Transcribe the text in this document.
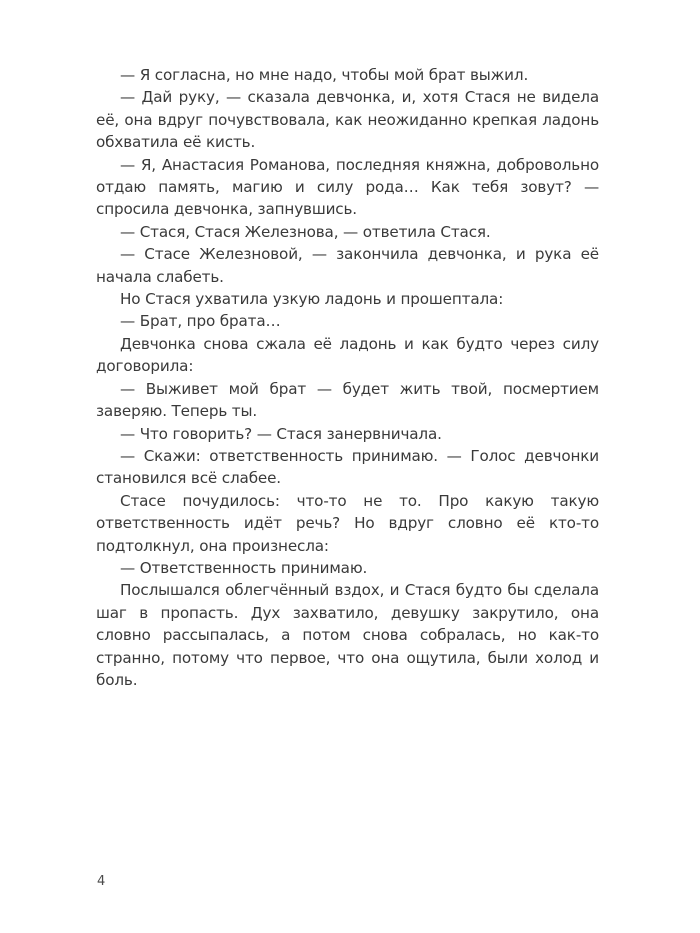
— Я согласна, но мне надо, чтобы мой брат выжил.

— Дай руку, — сказала девчонка, и, хотя Стася не видела её, она вдруг почувствовала, как неожиданно крепкая ладонь обхватила её кисть.

— Я, Анастасия Романова, последняя княжна, добровольно отдаю память, магию и силу рода… Как тебя зовут? — спросила девчонка, запнувшись.

— Стася, Стася Железнова, — ответила Стася.

— Стасе Железновой, — закончила девчонка, и рука её начала слабеть.

Но Стася ухватила узкую ладонь и прошептала:

— Брат, про брата…

Девчонка снова сжала её ладонь и как будто через силу договорила:

— Выживет мой брат — будет жить твой, посмертием заверяю. Теперь ты.

— Что говорить? — Стася занервничала.

— Скажи: ответственность принимаю. — Голос девчонки становился всё слабее.

Стасе почудилось: что-то не то. Про какую такую ответственность идёт речь? Но вдруг словно её кто-то подтолкнул, она произнесла:

— Ответственность принимаю.

Послышался облегчённый вздох, и Стася будто бы сделала шаг в пропасть. Дух захватило, девушку закрутило, она словно рассыпалась, а потом снова собралась, но как-то странно, потому что первое, что она ощутила, были холод и боль.

4
